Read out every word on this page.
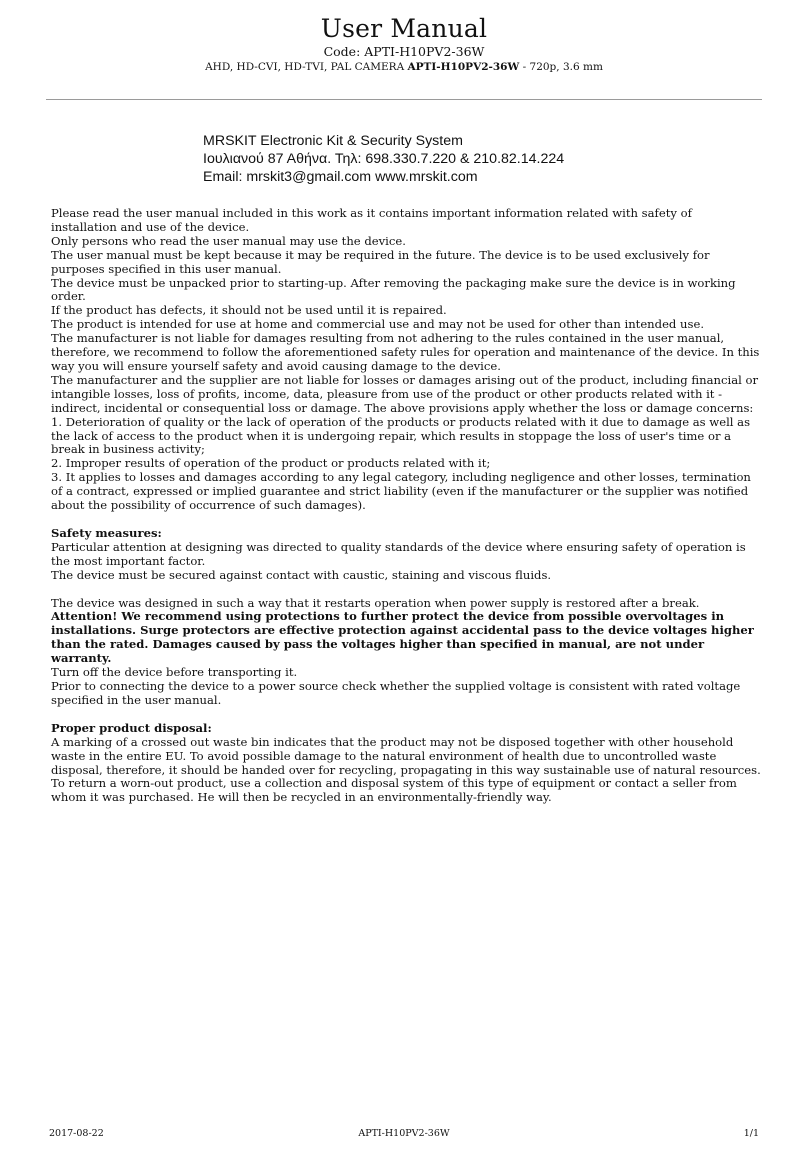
User Manual
Code: APTI-H10PV2-36W
AHD, HD-CVI, HD-TVI, PAL CAMERA APTI-H10PV2-36W - 720p, 3.6 mm
MRSKIT Electronic Kit & Security System
Ιουλιανού 87 Αθήνα. Τηλ: 698.330.7.220 & 210.82.14.224
Email: mrskit3@gmail.com www.mrskit.com

Please read the user manual included in this work as it contains important information related with safety of installation and use of the device.

Only persons who read the user manual may use the device.

The user manual must be kept because it may be required in the future. The device is to be used exclusively for purposes specified in this user manual.

The device must be unpacked prior to starting-up. After removing the packaging make sure the device is in working order.

If the product has defects, it should not be used until it is repaired.

The product is intended for use at home and commercial use and may not be used for other than intended use.

The manufacturer is not liable for damages resulting from not adhering to the rules contained in the user manual, therefore, we recommend to follow the aforementioned safety rules for operation and maintenance of the device. In this way you will ensure yourself safety and avoid causing damage to the device.

The manufacturer and the supplier are not liable for losses or damages arising out of the product, including financial or intangible losses, loss of profits, income, data, pleasure from use of the product or other products related with it - indirect, incidental or consequential loss or damage. The above provisions apply whether the loss or damage concerns:

1. Deterioration of quality or the lack of operation of the products or products related with it due to damage as well as the lack of access to the product when it is undergoing repair, which results in stoppage the loss of user's time or a break in business activity;

2. Improper results of operation of the product or products related with it;

3. It applies to losses and damages according to any legal category, including negligence and other losses, termination of a contract, expressed or implied guarantee and strict liability (even if the manufacturer or the supplier was notified about the possibility of occurrence of such damages).

Safety measures:

Particular attention at designing was directed to quality standards of the device where ensuring safety of operation is the most important factor.

The device must be secured against contact with caustic, staining and viscous fluids.

The device was designed in such a way that it restarts operation when power supply is restored after a break.

Attention! We recommend using protections to further protect the device from possible overvoltages in installations. Surge protectors are effective protection against accidental pass to the device voltages higher than the rated. Damages caused by pass the voltages higher than specified in manual, are not under warranty.

Turn off the device before transporting it.

Prior to connecting the device to a power source check whether the supplied voltage is consistent with rated voltage specified in the user manual.

Proper product disposal:

A marking of a crossed out waste bin indicates that the product may not be disposed together with other household waste in the entire EU. To avoid possible damage to the natural environment of health due to uncontrolled waste disposal, therefore, it should be handed over for recycling, propagating in this way sustainable use of natural resources.

To return a worn-out product, use a collection and disposal system of this type of equipment or contact a seller from whom it was purchased. He will then be recycled in an environmentally-friendly way.

2017-08-22	APTI-H10PV2-36W	1/1
